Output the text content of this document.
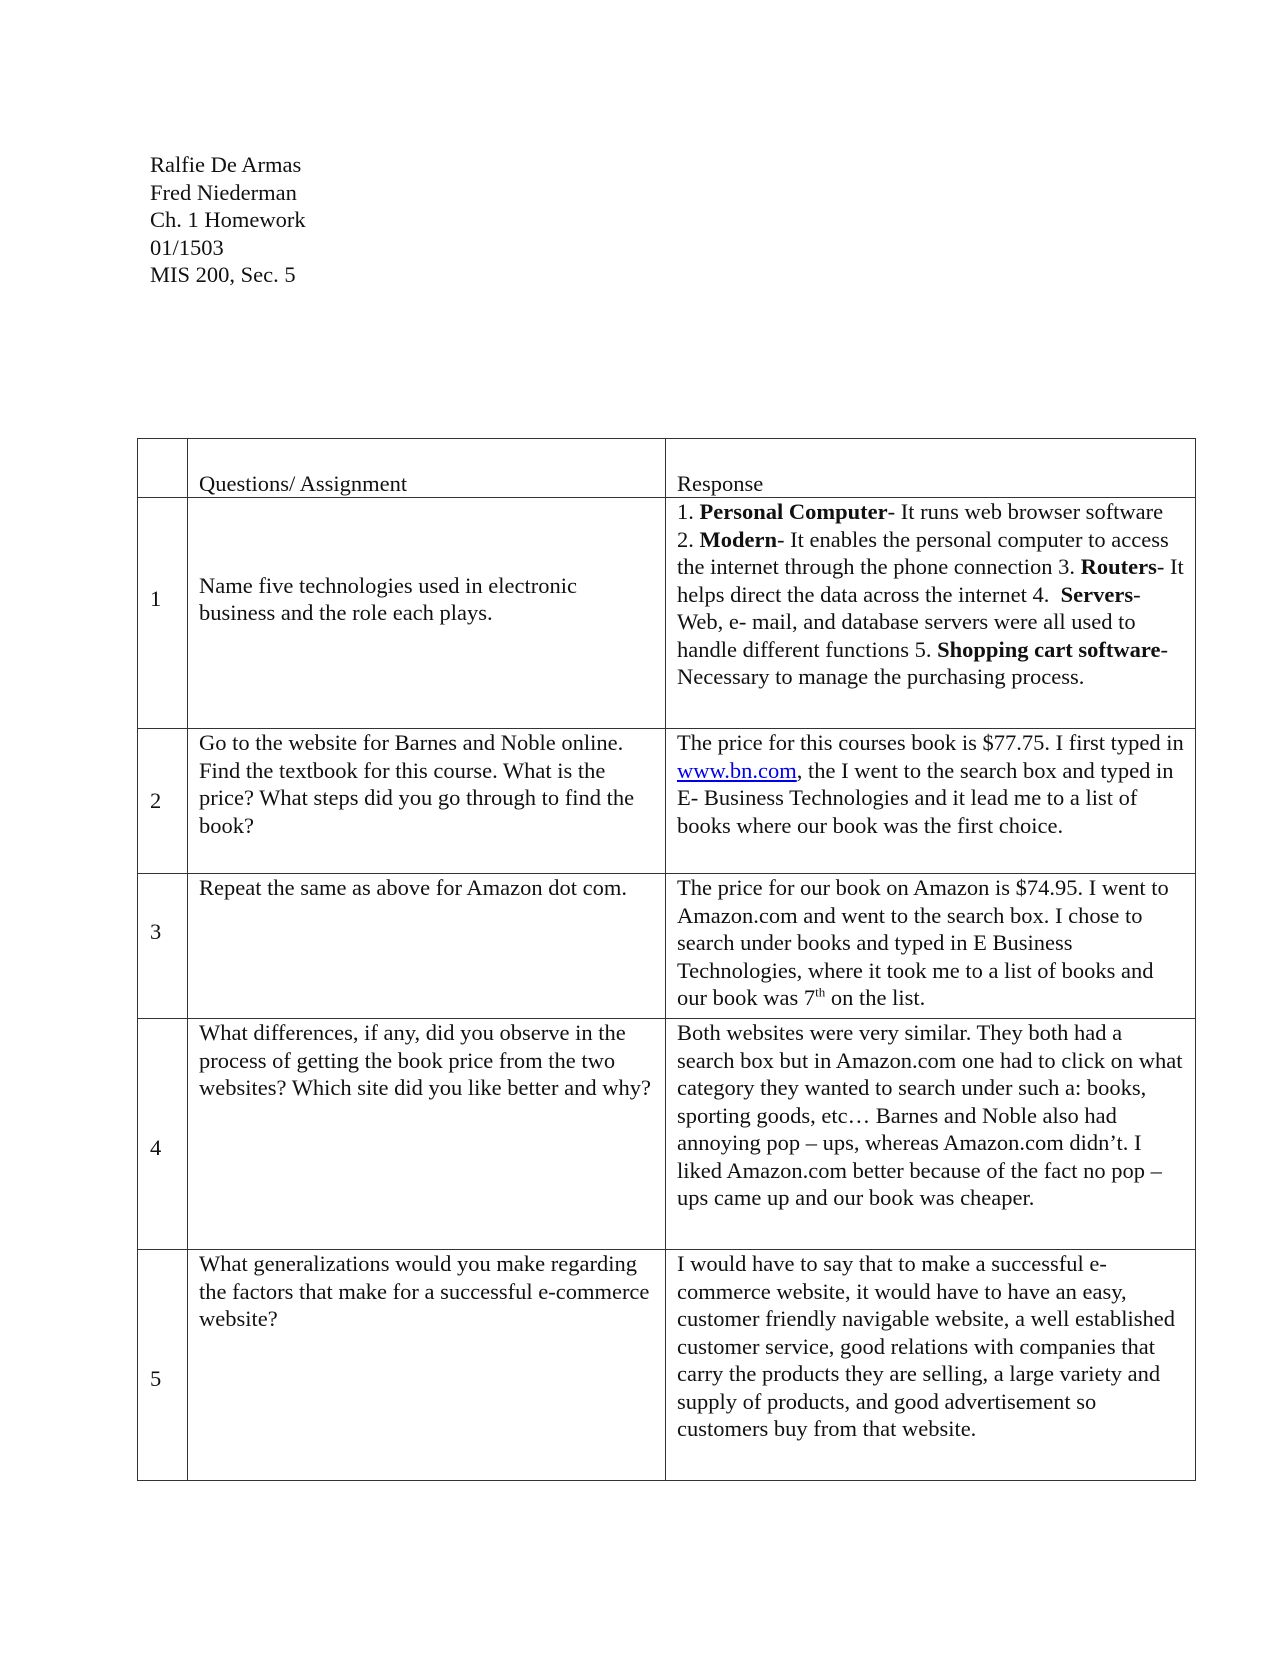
Ralfie De Armas
Fred Niederman
Ch. 1 Homework
01/1503
MIS 200, Sec. 5
	Questions/ Assignment	Response

1	Name five technologies used in electronic business and the role each plays.	1. Personal Computer- It runs web browser software 2. Modern- It enables the personal computer to access the internet through the phone connection 3. Routers- It helps direct the data across the internet 4.  Servers- Web, e- mail, and database servers were all used to handle different functions 5. Shopping cart software- Necessary to manage the purchasing process.
2	Go to the website for Barnes and Noble online. Find the textbook for this course. What is the price? What steps did you go through to find the book?	The price for this courses book is $77.75. I first typed in www.bn.com, the I went to the search box and typed in E- Business Technologies and it lead me to a list of books where our book was the first choice.

3	Repeat the same as above for Amazon dot com.	The price for our book on Amazon is $74.95. I went to Amazon.com and went to the search box. I chose to search under books and typed in E Business Technologies, where it took me to a list of books and our book was 7th on the list.

4	What differences, if any, did you observe in the process of getting the book price from the two websites? Which site did you like better and why?	Both websites were very similar. They both had a search box but in Amazon.com one had to click on what category they wanted to search under such a: books, sporting goods, etc… Barnes and Noble also had annoying pop – ups, whereas Amazon.com didn’t. I liked Amazon.com better because of the fact no pop – ups came up and our book was cheaper.

5	What generalizations would you make regarding the factors that make for a successful e-commerce website?	I would have to say that to make a successful e-commerce website, it would have to have an easy, customer friendly navigable website, a well established customer service, good relations with companies that carry the products they are selling, a large variety and supply of products, and good advertisement so customers buy from that website.
